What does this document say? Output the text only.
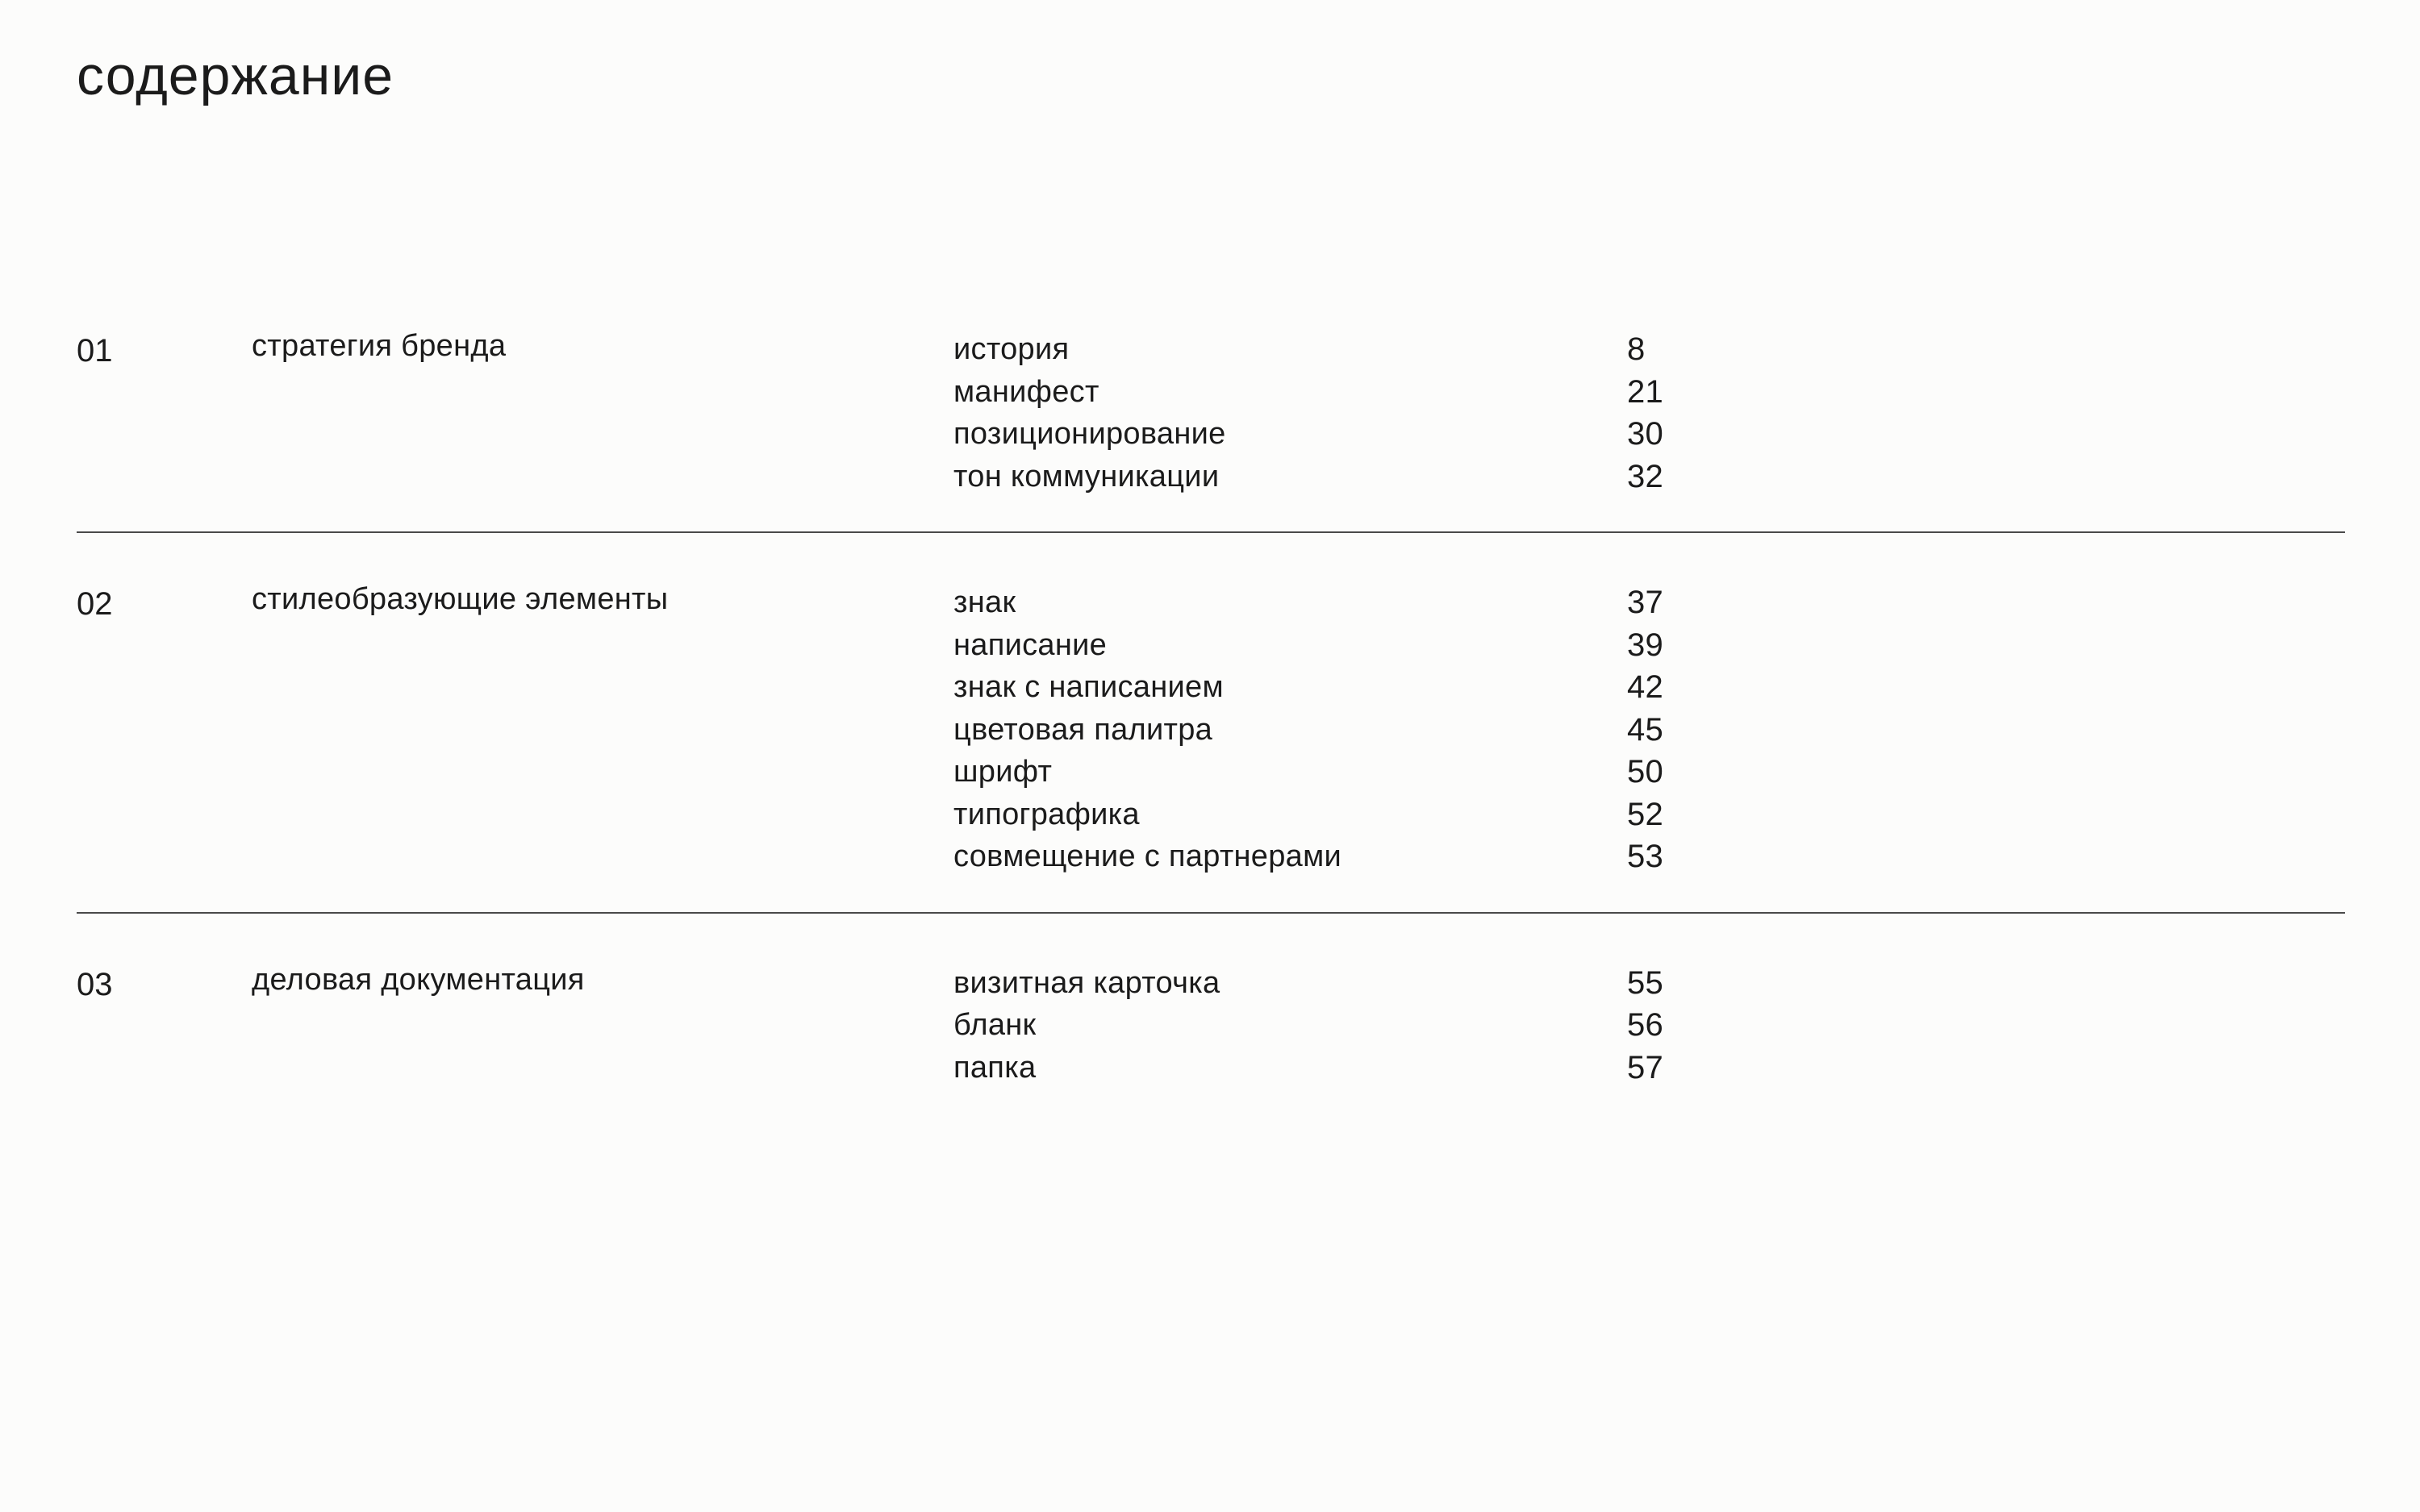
содержание
01	стратегия бренда	история	8
манифест	21
позиционирование	30
тон коммуникации	32
02	стилеобразующие элементы	знак	37
написание	39
знак с написанием	42
цветовая палитра	45
шрифт	50
типографика	52
совмещение с партнерами	53
03	деловая документация	визитная карточка	55
бланк	56
папка	57
